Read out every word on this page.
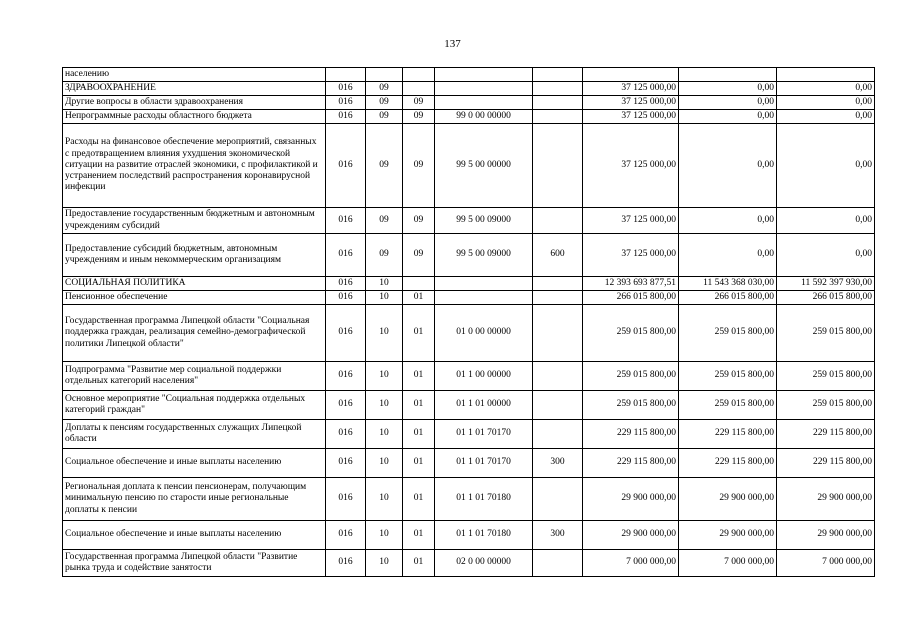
137
населению								
ЗДРАВООХРАНЕНИЕ	016	09				37 125 000,00	0,00	0,00
Другие вопросы в области здравоохранения	016	09	09			37 125 000,00	0,00	0,00
Непрограммные расходы областного бюджета	016	09	09	99 0 00 00000		37 125 000,00	0,00	0,00
Расходы на финансовое обеспечение мероприятий, связанных с предотвращением влияния ухудшения экономической ситуации на развитие отраслей экономики, с профилактикой и устранением последствий распространения коронавирусной инфекции	016	09	09	99 5 00 00000		37 125 000,00	0,00	0,00
Предоставление государственным бюджетным и автономным учреждениям субсидий	016	09	09	99 5 00 09000		37 125 000,00	0,00	0,00
Предоставление субсидий бюджетным, автономным учреждениям и иным некоммерческим организациям	016	09	09	99 5 00 09000	600	37 125 000,00	0,00	0,00
СОЦИАЛЬНАЯ ПОЛИТИКА	016	10				12 393 693 877,51	11 543 368 030,00	11 592 397 930,00
Пенсионное обеспечение	016	10	01			266 015 800,00	266 015 800,00	266 015 800,00
Государственная программа Липецкой области "Социальная поддержка граждан, реализация семейно-демографической политики Липецкой области"	016	10	01	01 0 00 00000		259 015 800,00	259 015 800,00	259 015 800,00
Подпрограмма "Развитие мер социальной поддержки отдельных категорий населения"	016	10	01	01 1 00 00000		259 015 800,00	259 015 800,00	259 015 800,00
Основное мероприятие "Социальная поддержка отдельных категорий граждан"	016	10	01	01 1 01 00000		259 015 800,00	259 015 800,00	259 015 800,00
Доплаты к пенсиям государственных служащих Липецкой области	016	10	01	01 1 01 70170		229 115 800,00	229 115 800,00	229 115 800,00
Социальное обеспечение и иные выплаты населению	016	10	01	01 1 01 70170	300	229 115 800,00	229 115 800,00	229 115 800,00
Региональная доплата к пенсии пенсионерам, получающим минимальную пенсию по старости иные региональные доплаты к пенсии	016	10	01	01 1 01 70180		29 900 000,00	29 900 000,00	29 900 000,00
Социальное обеспечение и иные выплаты населению	016	10	01	01 1 01 70180	300	29 900 000,00	29 900 000,00	29 900 000,00
Государственная программа Липецкой области "Развитие рынка труда и содействие занятости	016	10	01	02 0 00 00000		7 000 000,00	7 000 000,00	7 000 000,00
